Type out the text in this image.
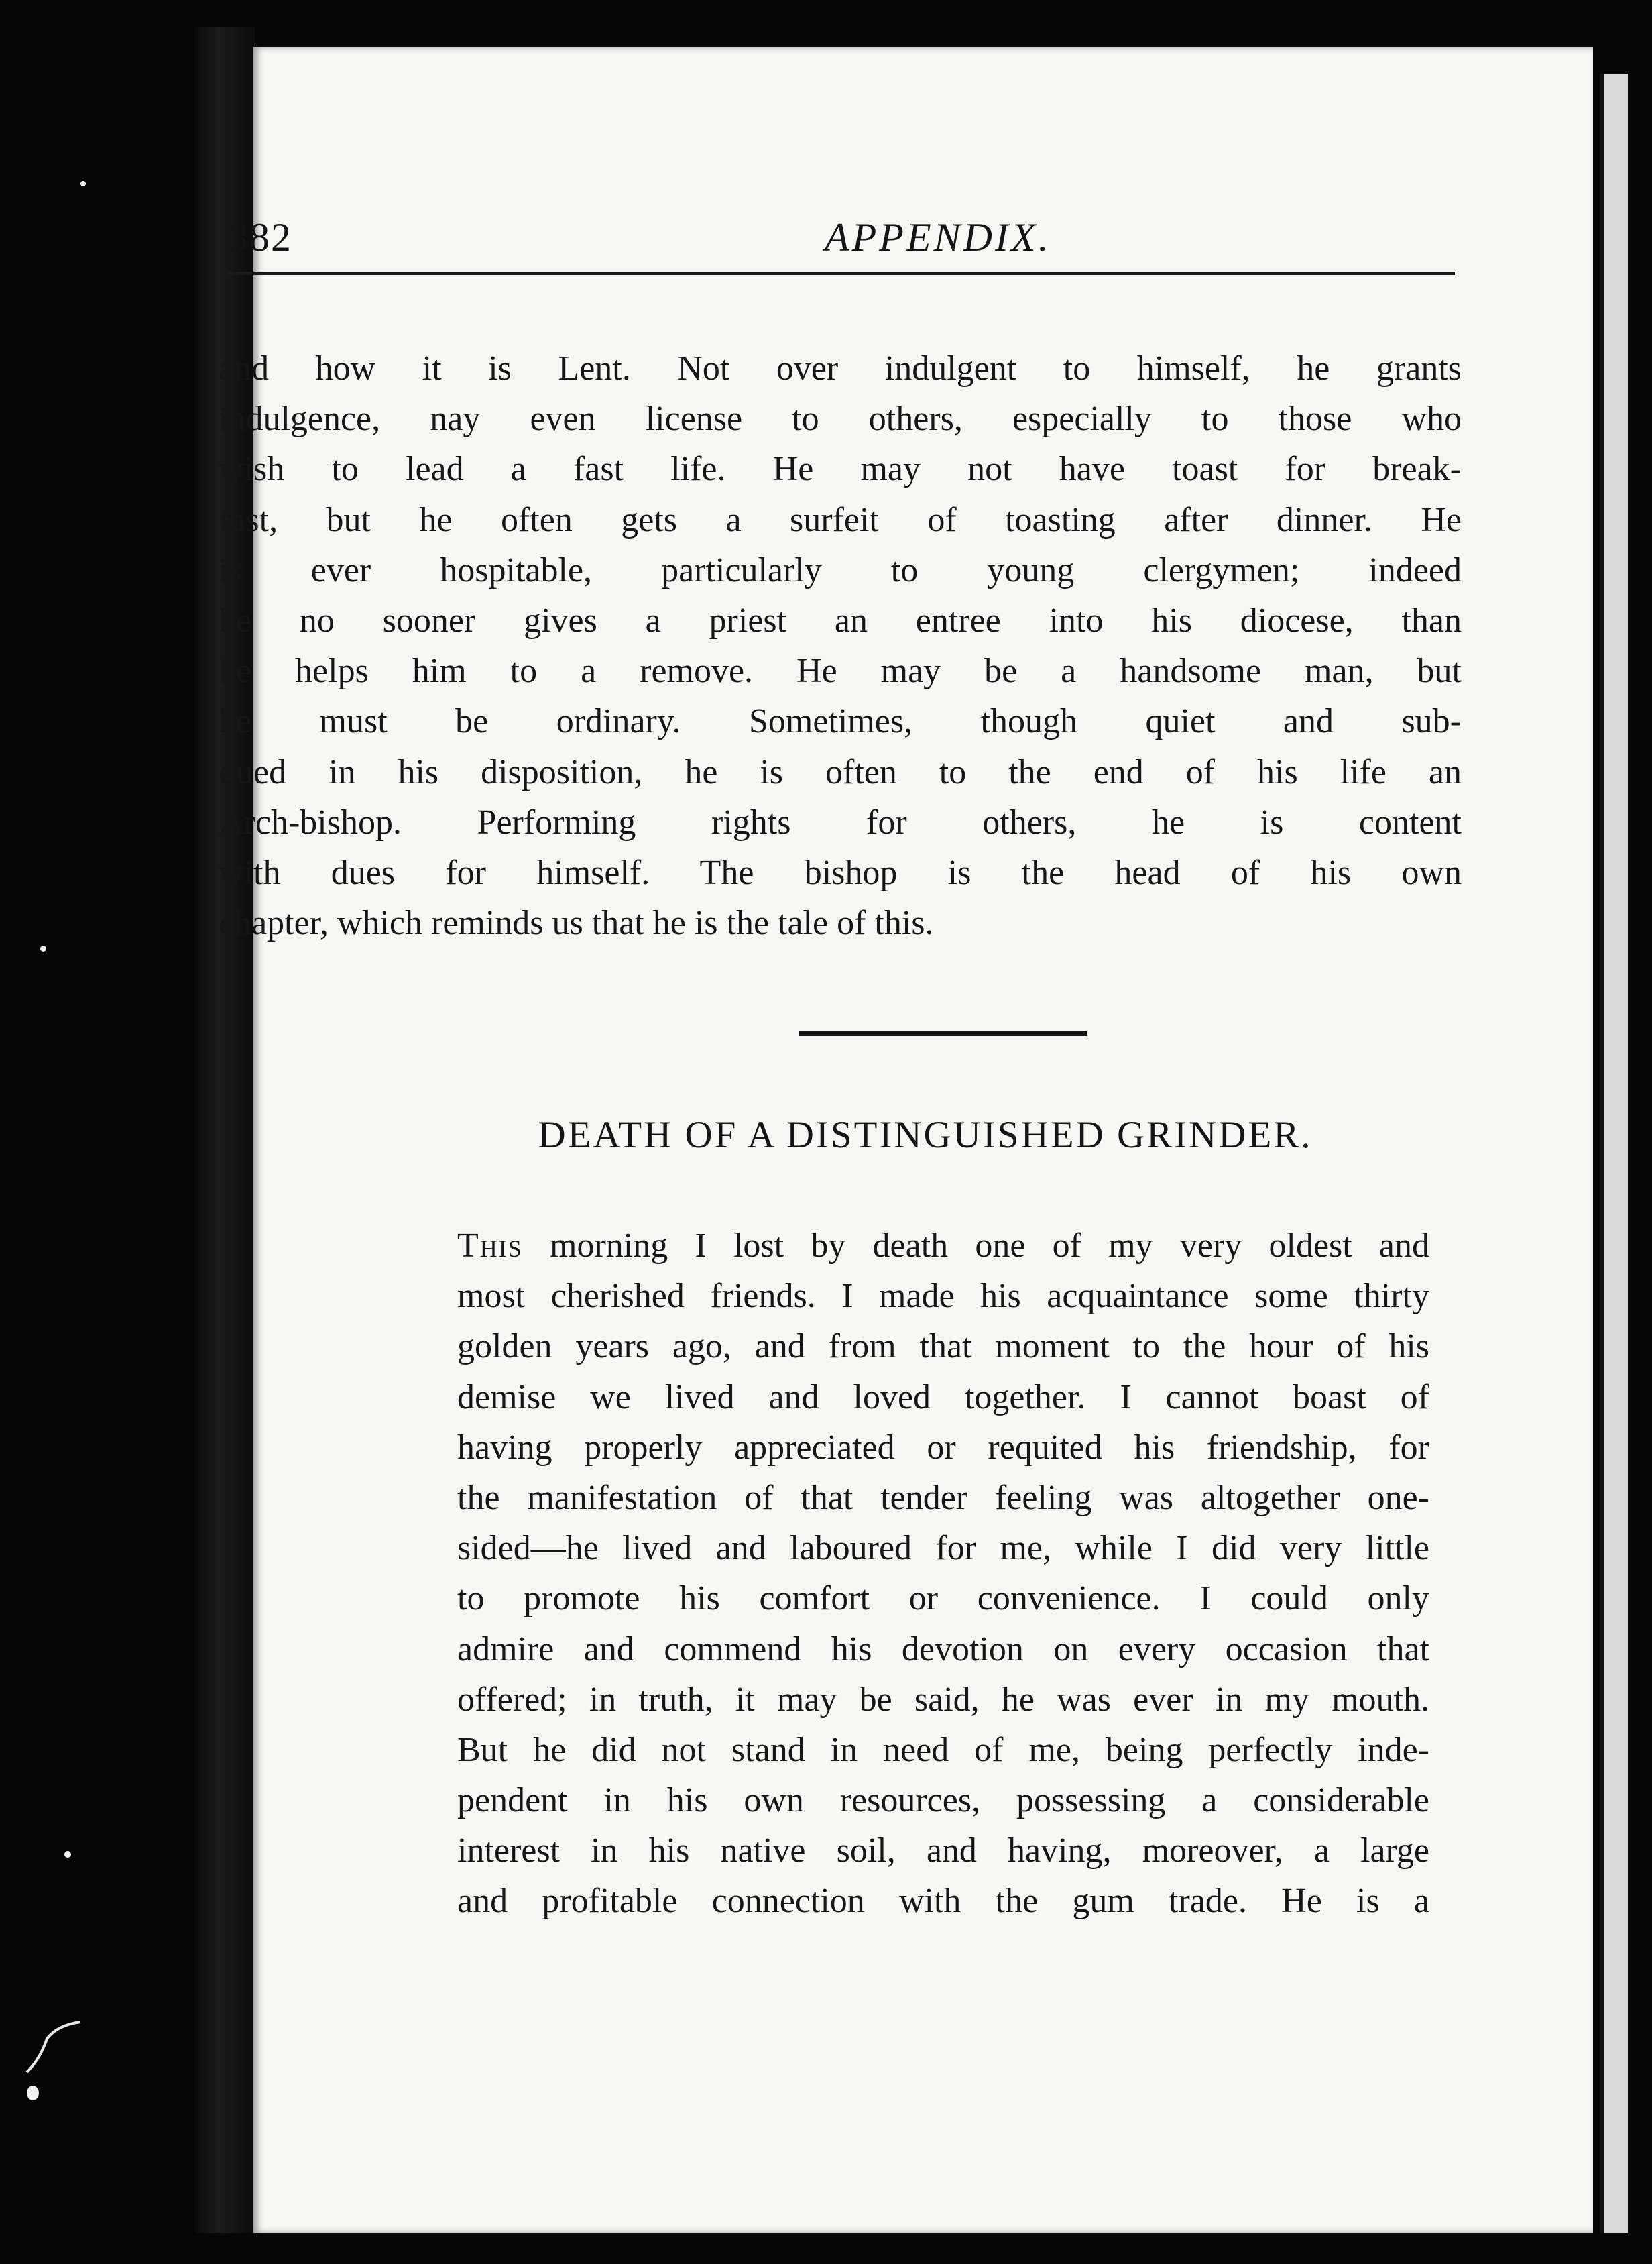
382	APPENDIX.
and how it is Lent. Not over indulgent to himself, he grants
indulgence, nay even license to others, especially to those who
wish to lead a fast life. He may not have toast for break-
fast, but he often gets a surfeit of toasting after dinner. He
is ever hospitable, particularly to young clergymen; indeed
he no sooner gives a priest an entree into his diocese, than
he helps him to a remove. He may be a handsome man, but
he must be ordinary. Sometimes, though quiet and sub-
dued in his disposition, he is often to the end of his life an
Arch-bishop. Performing rights for others, he is content
with dues for himself. The bishop is the head of his own
chapter, which reminds us that he is the tale of this.
DEATH OF A DISTINGUISHED GRINDER.
This morning I lost by death one of my very oldest and
most cherished friends. I made his acquaintance some thirty
golden years ago, and from that moment to the hour of his
demise we lived and loved together. I cannot boast of
having properly appreciated or requited his friendship, for
the manifestation of that tender feeling was altogether one-
sided—he lived and laboured for me, while I did very little
to promote his comfort or convenience. I could only
admire and commend his devotion on every occasion that
offered; in truth, it may be said, he was ever in my mouth.
But he did not stand in need of me, being perfectly inde-
pendent in his own resources, possessing a considerable
interest in his native soil, and having, moreover, a large
and profitable connection with the gum trade. He is a
